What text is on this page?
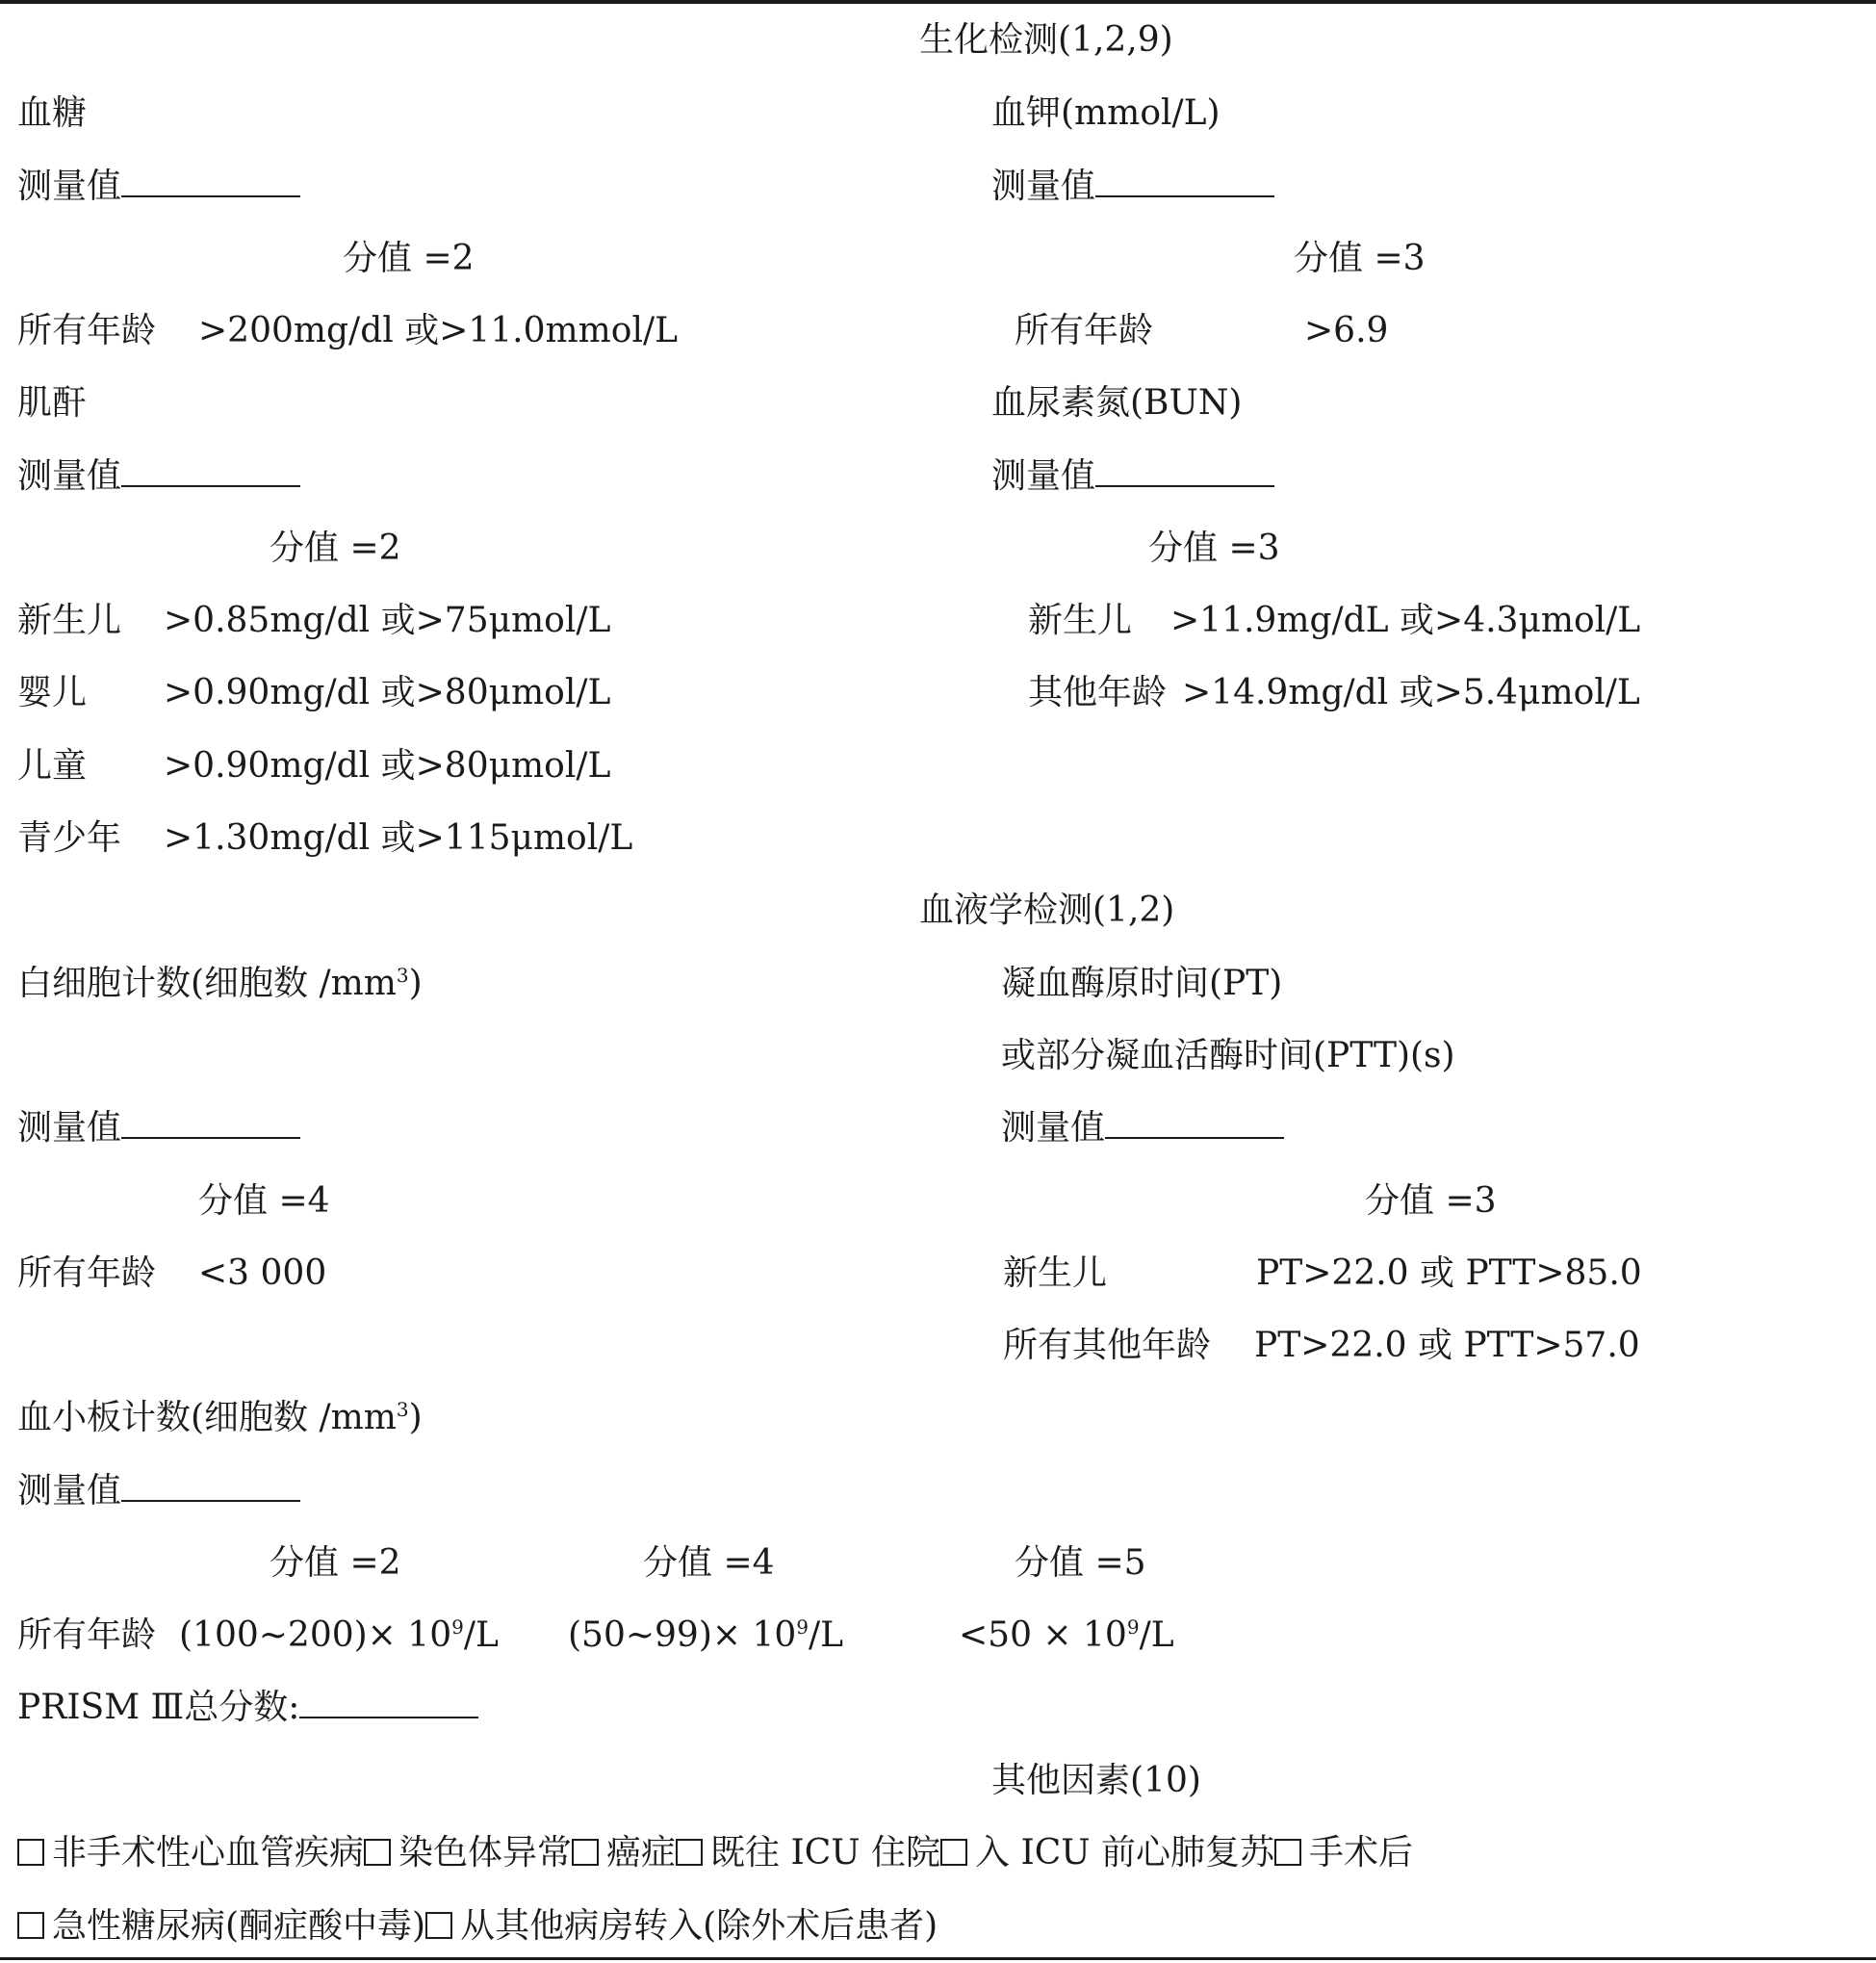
生化检测(1,2,9)
血糖
测量值
分值 =2
所有年龄 >200mg/dl 或>11.0mmol/L
血钾(mmol/L)
测量值
分值 =3
所有年龄	>6.9
肌酐
测量值
分值 =2
新生儿 >0.85mg/dl 或>75μmol/L
婴儿 >0.90mg/dl 或>80μmol/L
儿童 >0.90mg/dl 或>80μmol/L
青少年 >1.30mg/dl 或>115μmol/L
血尿素氮(BUN)
测量值
分值 =3
新生儿 >11.9mg/dL 或>4.3μmol/L
其他年龄 >14.9mg/dl 或>5.4μmol/L
血液学检测(1,2)
白细胞计数(细胞数 $/mm^3$)
测量值
分值 =4
所有年龄 <3 000
凝血酶原时间(PT)
或部分凝血活酶时间(PTT)(s)
测量值
分值 =3
新生儿	PT>22.0 或 PTT>85.0
所有其他年龄 PT>22.0 或 PTT>57.0
血小板计数(细胞数 $/mm^3$)
测量值
分值 =2	分值 =4	分值 =5
所有年龄 (100~200)× $10^9/L$ (50~99)× $10^9/L$	$<50 \times 10^9/L$
PRISM Ⅲ总分数:
其他因素(10)
非手术性心血管疾病 染色体异常 癌症 既往 ICU 住院 入 ICU 前心肺复苏 手术后
急性糖尿病(酮症酸中毒) 从其他病房转入(除外术后患者)
